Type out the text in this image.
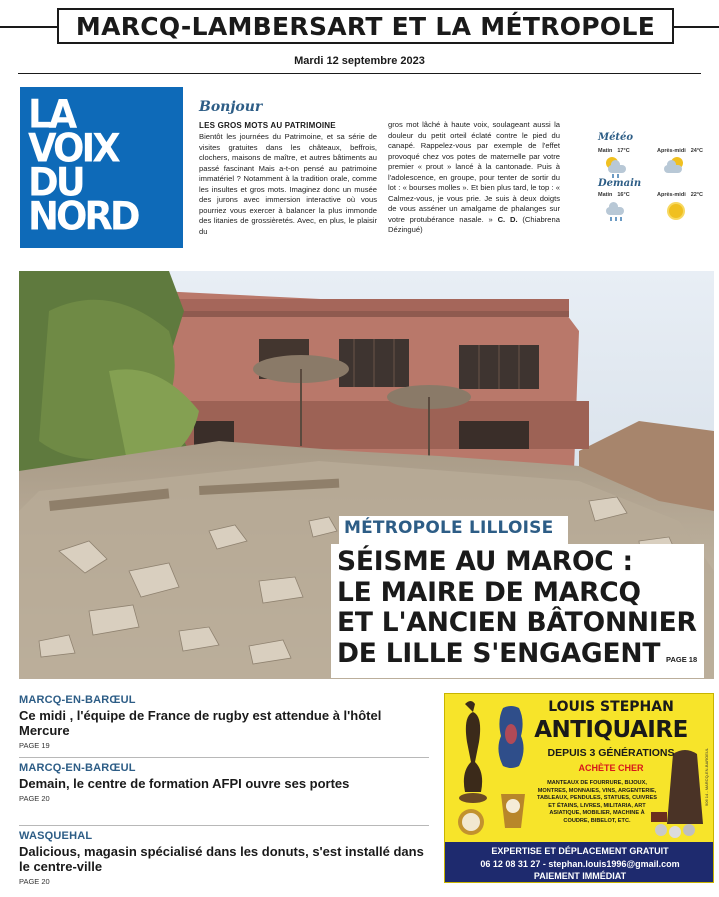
MARCQ-LAMBERSART ET LA MÉTROPOLE
Mardi 12 septembre 2023
LA
VOIX
DU
NORD
Bonjour
LES GROS MOTS AU PATRIMOINE
Bientôt les journées du Patrimoine, et sa série de visites gratuites dans les châteaux, beffrois, clochers, maisons de maître, et autres bâtiments au passé fascinant Mais a-t-on pensé au patrimoine immatériel ? Notamment à la tradition orale, comme les insultes et gros mots. Imaginez donc un musée des jurons avec immersion interactive où vous pourriez vous exercer à balancer la plus immonde des litanies de grossièretés. Avec, en plus, le plaisir du
gros mot lâché à haute voix, soulageant aussi la douleur du petit orteil éclaté contre le pied du canapé. Rappelez-vous par exemple de l'effet provoqué chez vos potes de maternelle par votre premier « prout » lancé à la cantonade. Puis à l'adolescence, en groupe, pour tenter de sortir du lot : « bourses molles ». Et bien plus tard, le top : « Calmez-vous, je vous prie. Je suis à deux doigts de vous asséner un amalgame de phalanges sur votre protubérance nasale. » C. D. (Chiabrena Dézingué)
Météo
Matin 17°C	Après-midi 24°C
Demain
Matin 16°C	Après-midi 22°C
MÉTROPOLE LILLOISE
SÉISME AU MAROC :
LE MAIRE DE MARCQ
ET L'ANCIEN BÂTONNIER
DE LILLE S'ENGAGENT PAGE 18
MARCQ-EN-BARŒUL
Ce midi , l'équipe de France de rugby est attendue à l'hôtel Mercure
PAGE 19
MARCQ-EN-BARŒUL
Demain, le centre de formation AFPI ouvre ses portes
PAGE 20
WASQUEHAL
Dalicious, magasin spécialisé dans les donuts, s'est installé dans le centre-ville
PAGE 20
LOUIS STEPHAN
ANTIQUAIRE
DEPUIS 3 GÉNÉRATIONS
ACHÈTE CHER
MANTEAUX DE FOURRURE, BIJOUX, MONTRES, MONNAIES, VINS, ARGENTERIE, TABLEAUX, PENDULES, STATUES, CUIVRES ET ÉTAINS, LIVRES, MILITARIA, ART ASIATIQUE, MOBILIER, MACHINE À COUDRE, BIBELOT, ETC.
906 14 - MARCQ-EN-BAROEUL
EXPERTISE ET DÉPLACEMENT GRATUIT
06 12 08 31 27 - stephan.louis1996@gmail.com
PAIEMENT IMMÉDIAT
